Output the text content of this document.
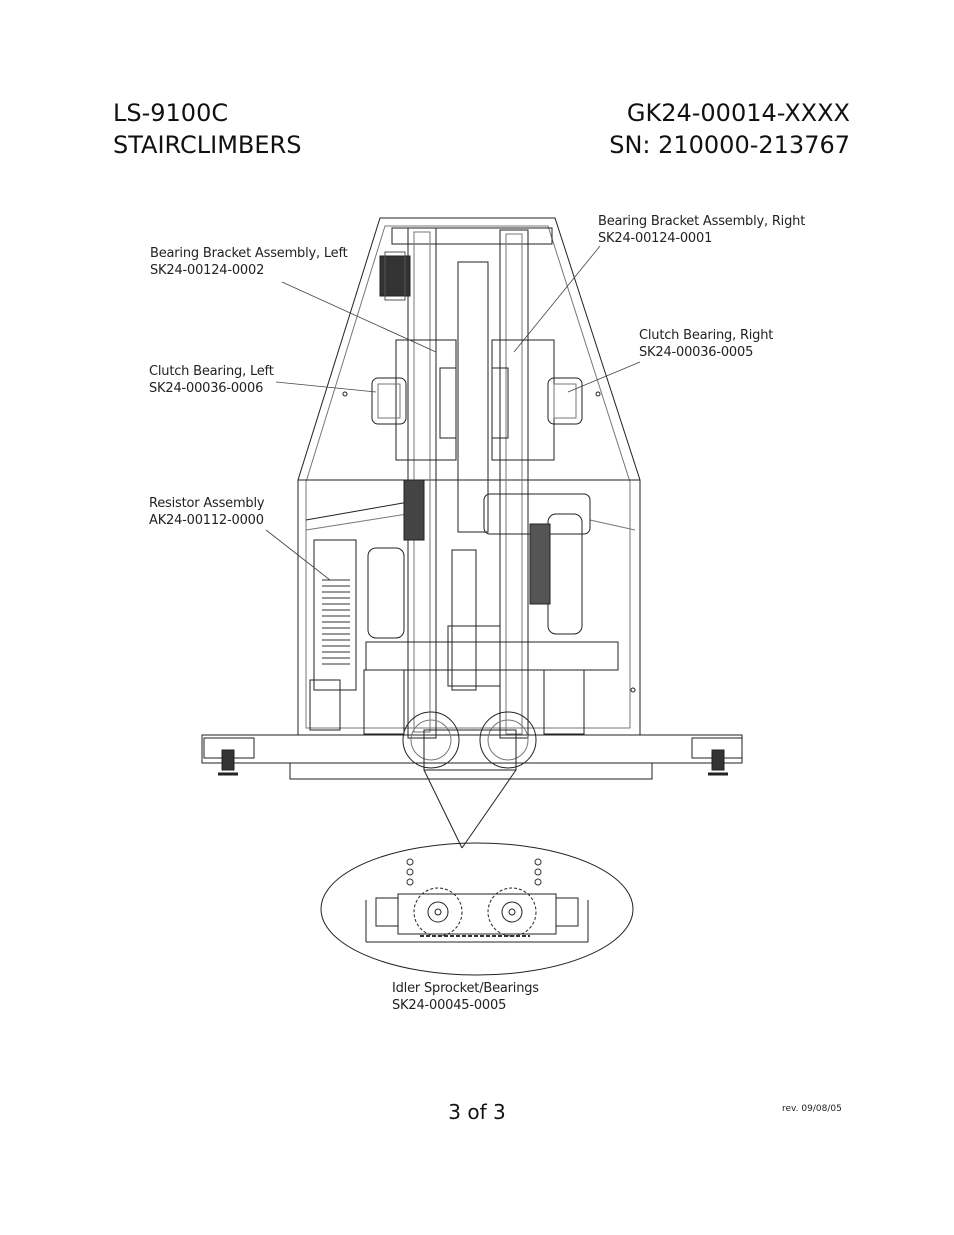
LS-9100C
STAIRCLIMBERS
GK24-00014-XXXX
SN: 210000-213767
Bearing Bracket Assembly, Right
SK24-00124-0001
Bearing Bracket Assembly, Left
SK24-00124-0002
Clutch Bearing, Right
SK24-00036-0005
Clutch Bearing, Left
SK24-00036-0006
Resistor Assembly
AK24-00112-0000
Idler Sprocket/Bearings
SK24-00045-0005
3 of 3	rev. 09/08/05
